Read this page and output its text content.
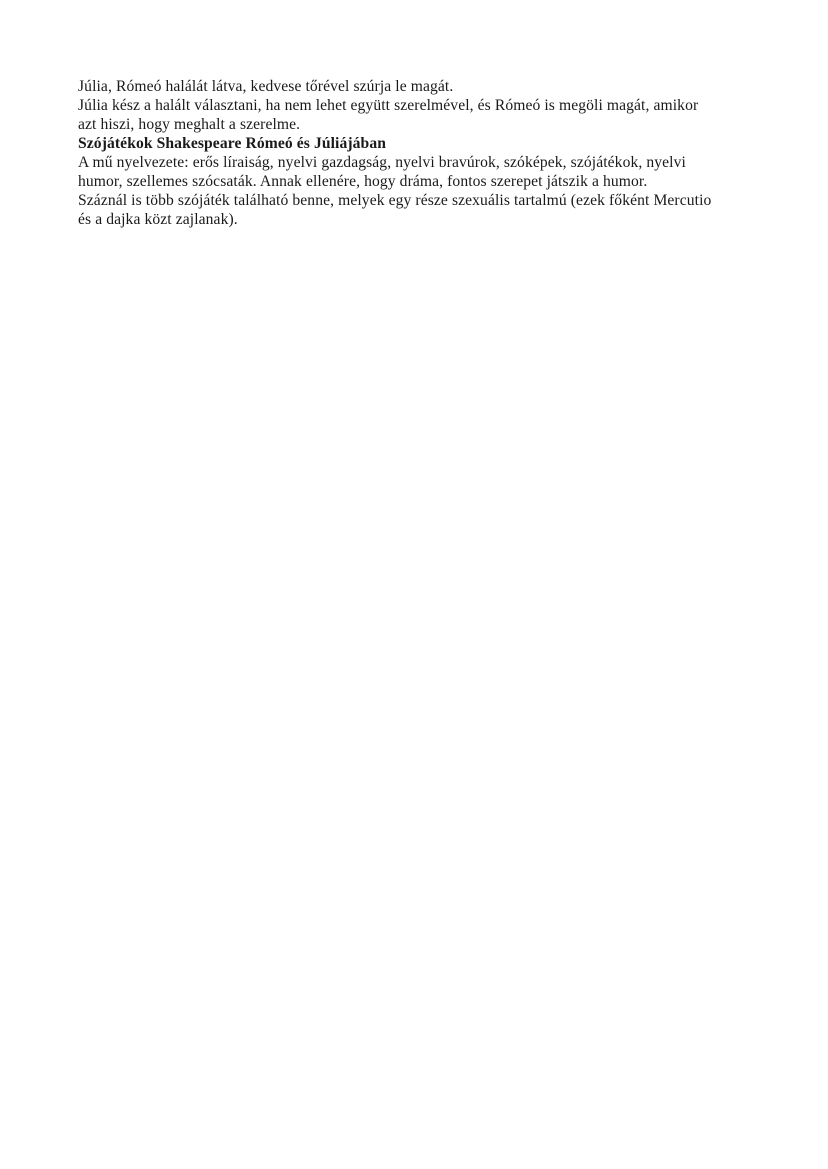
Júlia, Rómeó halálát látva, kedvese tőrével szúrja le magát.
Júlia kész a halált választani, ha nem lehet együtt szerelmével, és Rómeó is megöli magát, amikor
azt hiszi, hogy meghalt a szerelme.
Szójátékok Shakespeare Rómeó és Júliájában
A mű nyelvezete: erős líraiság, nyelvi gazdagság, nyelvi bravúrok, szóképek, szójátékok, nyelvi
humor, szellemes szócsaták. Annak ellenére, hogy dráma, fontos szerepet játszik a humor.
Száznál is több szójáték található benne, melyek egy része szexuális tartalmú (ezek főként Mercutio
és a dajka közt zajlanak).
